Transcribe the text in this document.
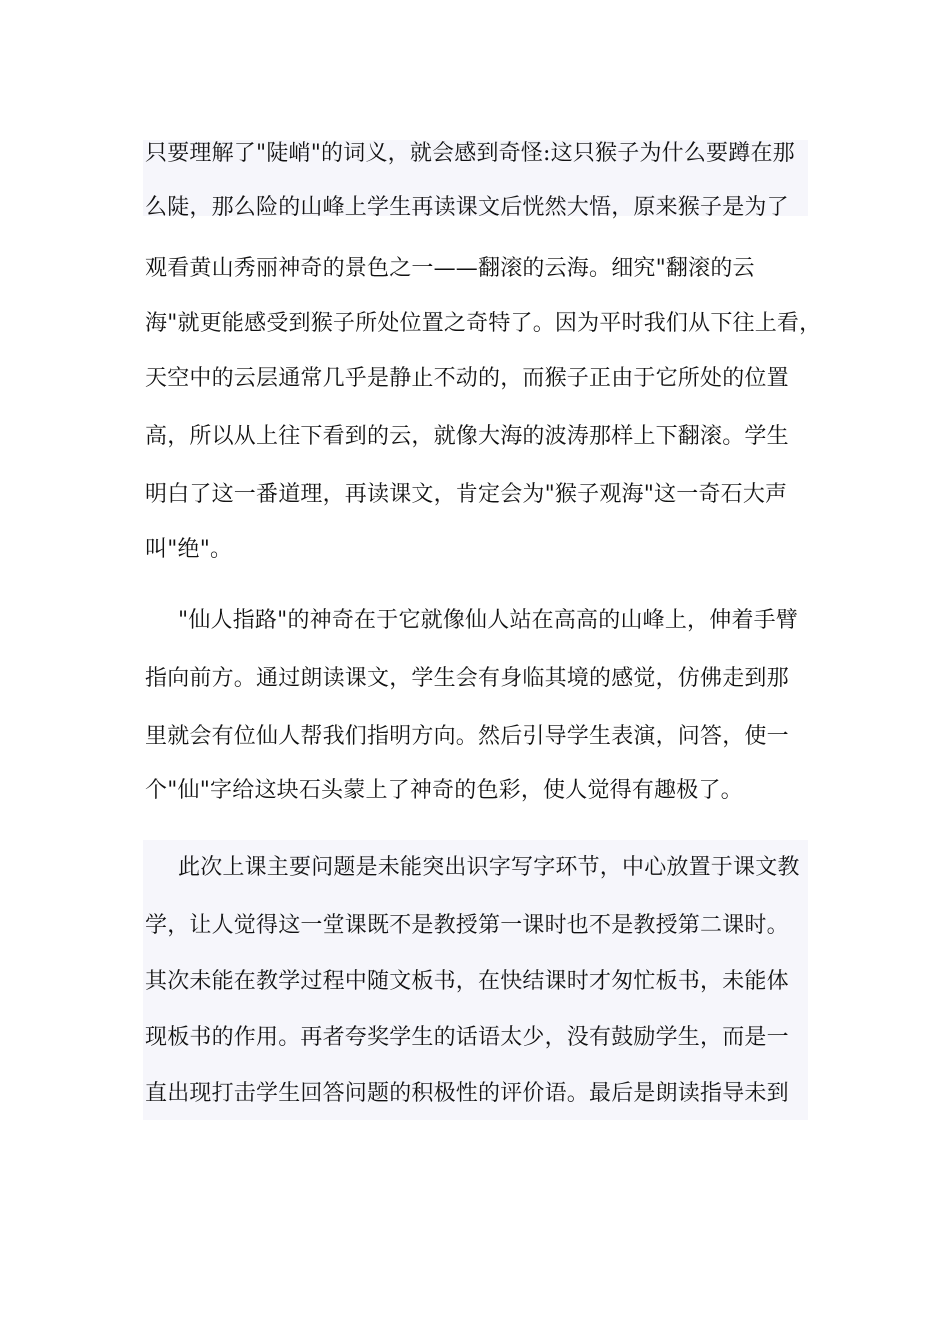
只要理解了"陡峭"的词义，就会感到奇怪:这只猴子为什么要蹲在那
么陡，那么险的山峰上学生再读课文后恍然大悟，原来猴子是为了
观看黄山秀丽神奇的景色之一——翻滚的云海。细究"翻滚的云
海"就更能感受到猴子所处位置之奇特了。因为平时我们从下往上看，
天空中的云层通常几乎是静止不动的，而猴子正由于它所处的位置
高，所以从上往下看到的云，就像大海的波涛那样上下翻滚。学生
明白了这一番道理，再读课文，肯定会为"猴子观海"这一奇石大声
叫"绝"。
"仙人指路"的神奇在于它就像仙人站在高高的山峰上，伸着手臂
指向前方。通过朗读课文，学生会有身临其境的感觉，仿佛走到那
里就会有位仙人帮我们指明方向。然后引导学生表演，问答，使一
个"仙"字给这块石头蒙上了神奇的色彩，使人觉得有趣极了。
此次上课主要问题是未能突出识字写字环节，中心放置于课文教
学，让人觉得这一堂课既不是教授第一课时也不是教授第二课时。
其次未能在教学过程中随文板书，在快结课时才匆忙板书，未能体
现板书的作用。再者夸奖学生的话语太少，没有鼓励学生，而是一
直出现打击学生回答问题的积极性的评价语。最后是朗读指导未到
